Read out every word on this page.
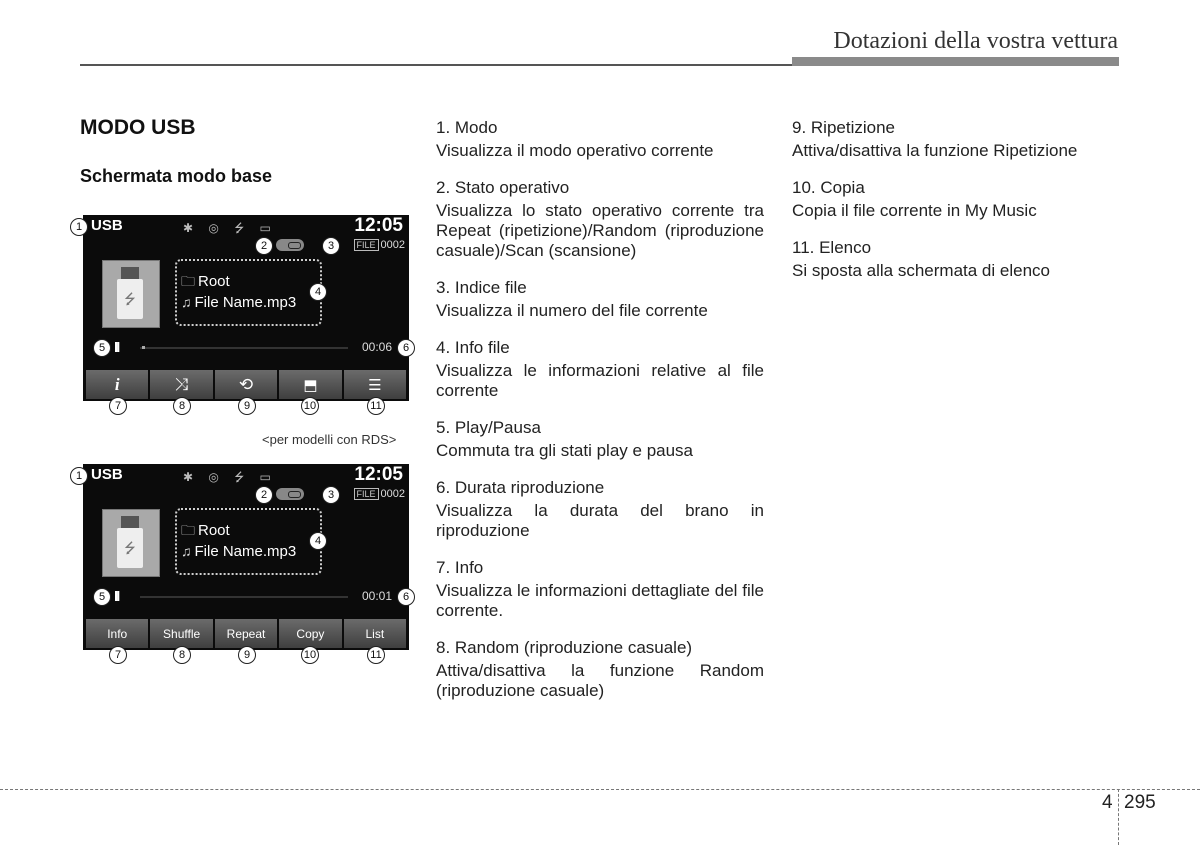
Dotazioni della vostra vettura
MODO USB
Schermata modo base
USB	✱ ◎ ⭍ ▭	12:05
FILE 0002
⭍
🗀 Root
♫ File Name.mp3
II	00:06
i	⤨	⟲	⬒	☰
USB	✱ ◎ ⭍ ▭	12:05
FILE 0002
⭍
🗀 Root
♫ File Name.mp3
II	00:01
Info	Shuffle	Repeat	Copy	List
1
2	3
4
5	6
7	8	9	10	11
<per modelli con RDS>
1
2	3
4
5	6
7	8	9	10	11
1. Modo
Visualizza il modo operativo corrente
2. Stato operativo
Visualizza lo stato operativo corrente tra Repeat (ripetizione)/Random (riproduzione casuale)/Scan (scansione)
3. Indice file
Visualizza il numero del file corrente
4. Info file
Visualizza le informazioni relative al file corrente
5. Play/Pausa
Commuta tra gli stati play e pausa
6. Durata riproduzione
Visualizza la durata del brano in riproduzione
7. Info
Visualizza le informazioni dettagliate del file corrente.
8. Random (riproduzione casuale)
Attiva/disattiva la funzione Random (riproduzione casuale)
9. Ripetizione
Attiva/disattiva la funzione Ripetizione
10. Copia
Copia il file corrente in My Music
11. Elenco
Si sposta alla schermata di elenco
4 295
